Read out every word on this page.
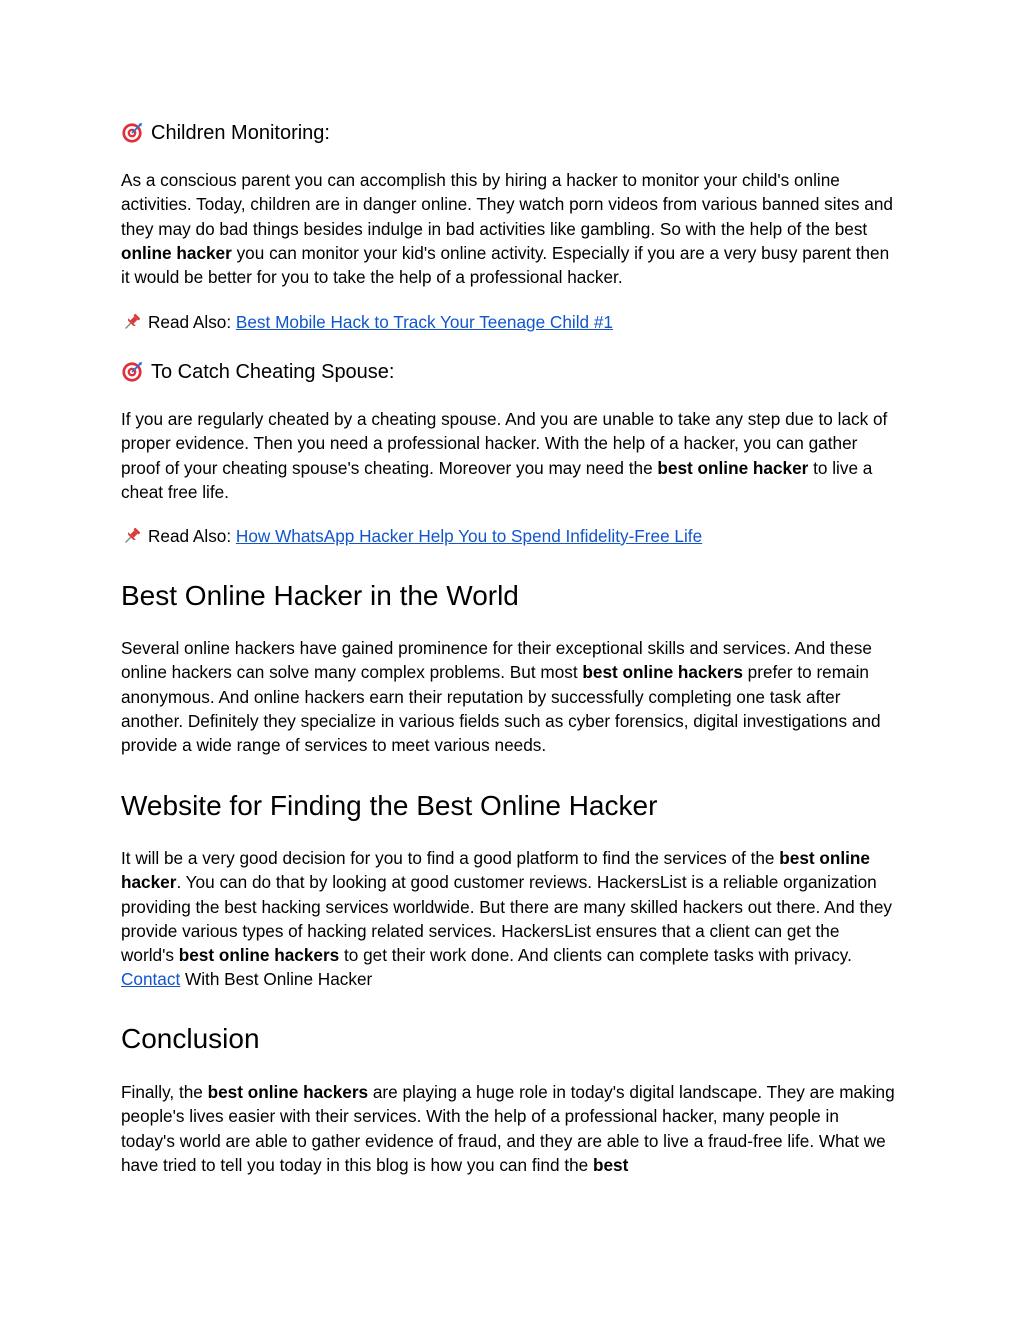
Children Monitoring:

As a conscious parent you can accomplish this by hiring a hacker to monitor your child's online activities. Today, children are in danger online. They watch porn videos from various banned sites and they may do bad things besides indulge in bad activities like gambling. So with the help of the best online hacker you can monitor your kid's online activity. Especially if you are a very busy parent then it would be better for you to take the help of a professional hacker.

Read Also: Best Mobile Hack to Track Your Teenage Child #1
To Catch Cheating Spouse:

If you are regularly cheated by a cheating spouse. And you are unable to take any step due to lack of proper evidence. Then you need a professional hacker. With the help of a hacker, you can gather proof of your cheating spouse's cheating. Moreover you may need the best online hacker to live a cheat free life.

Read Also: How WhatsApp Hacker Help You to Spend Infidelity-Free Life
Best Online Hacker in the World

Several online hackers have gained prominence for their exceptional skills and services. And these online hackers can solve many complex problems. But most best online hackers prefer to remain anonymous. And online hackers earn their reputation by successfully completing one task after another. Definitely they specialize in various fields such as cyber forensics, digital investigations and provide a wide range of services to meet various needs.

Website for Finding the Best Online Hacker

It will be a very good decision for you to find a good platform to find the services of the best online hacker. You can do that by looking at good customer reviews. HackersList is a reliable organization providing the best hacking services worldwide. But there are many skilled hackers out there. And they provide various types of hacking related services. HackersList ensures that a client can get the world's best online hackers to get their work done. And clients can complete tasks with privacy. Contact With Best Online Hacker

Conclusion

Finally, the best online hackers are playing a huge role in today's digital landscape. They are making people's lives easier with their services. With the help of a professional hacker, many people in today's world are able to gather evidence of fraud, and they are able to live a fraud-free life. What we have tried to tell you today in this blog is how you can find the best
